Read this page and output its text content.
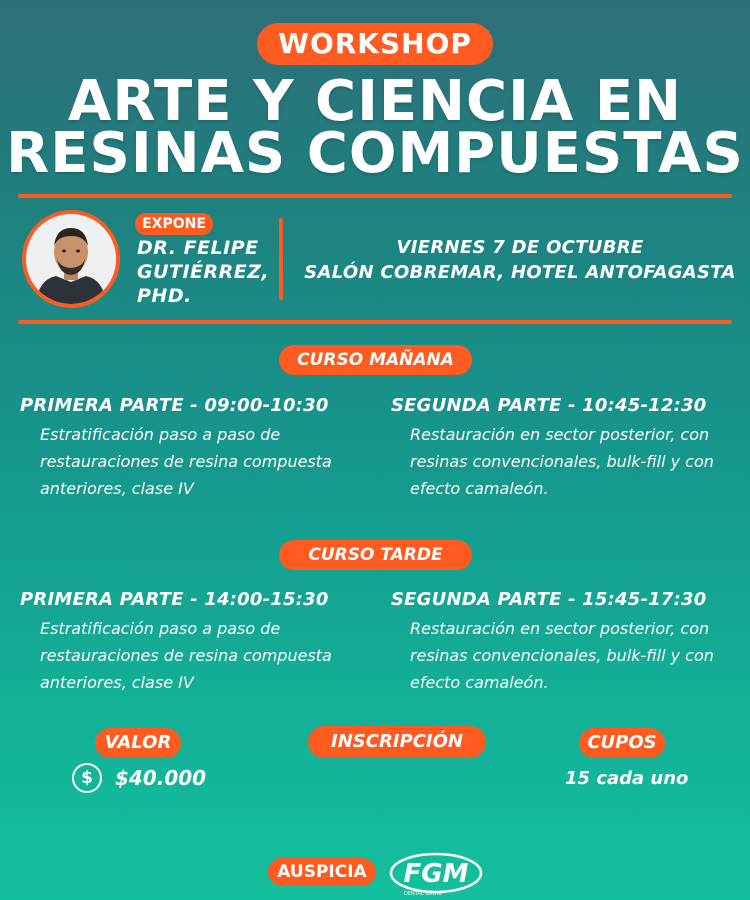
WORKSHOP
ARTE Y CIENCIA EN
RESINAS COMPUESTAS
EXPONE
DR. FELIPE
GUTIÉRREZ,
PHD.
VIERNES 7 DE OCTUBRE
SALÓN COBREMAR, HOTEL ANTOFAGASTA
CURSO MAÑANA
PRIMERA PARTE - 09:00-10:30
Estratificación paso a paso de restauraciones de resina compuesta anteriores, clase IV
SEGUNDA PARTE - 10:45-12:30
Restauración en sector posterior, con resinas convencionales, bulk-fill y con efecto camaleón.
CURSO TARDE
PRIMERA PARTE - 14:00-15:30
Estratificación paso a paso de restauraciones de resina compuesta anteriores, clase IV
SEGUNDA PARTE - 15:45-17:30
Restauración en sector posterior, con resinas convencionales, bulk-fill y con efecto camaleón.
VALOR	INSCRIPCIÓN	CUPOS
$	$40.000	15 cada uno
AUSPICIA	FGM
DENTAL GROUP
